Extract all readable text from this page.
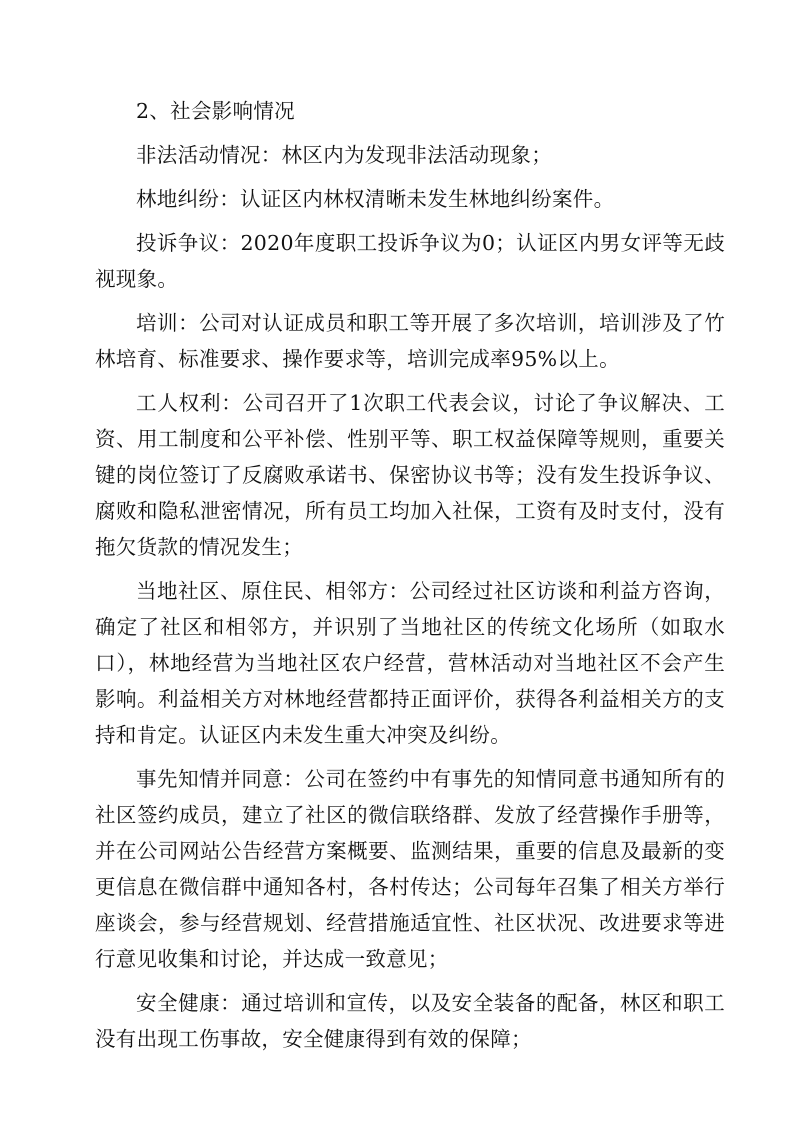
2、社会影响情况

非法活动情况：林区内为发现非法活动现象；

林地纠纷：认证区内林权清晰未发生林地纠纷案件。

投诉争议：2020年度职工投诉争议为0；认证区内男女评等无歧视现象。

培训：公司对认证成员和职工等开展了多次培训，培训涉及了竹林培育、标准要求、操作要求等，培训完成率95%以上。

工人权利：公司召开了1次职工代表会议，讨论了争议解决、工资、用工制度和公平补偿、性别平等、职工权益保障等规则，重要关键的岗位签订了反腐败承诺书、保密协议书等；没有发生投诉争议、腐败和隐私泄密情况，所有员工均加入社保，工资有及时支付，没有拖欠货款的情况发生；

当地社区、原住民、相邻方：公司经过社区访谈和利益方咨询，确定了社区和相邻方，并识别了当地社区的传统文化场所（如取水口），林地经营为当地社区农户经营，营林活动对当地社区不会产生影响。利益相关方对林地经营都持正面评价，获得各利益相关方的支持和肯定。认证区内未发生重大冲突及纠纷。

事先知情并同意：公司在签约中有事先的知情同意书通知所有的社区签约成员，建立了社区的微信联络群、发放了经营操作手册等，并在公司网站公告经营方案概要、监测结果，重要的信息及最新的变更信息在微信群中通知各村，各村传达；公司每年召集了相关方举行座谈会，参与经营规划、经营措施适宜性、社区状况、改进要求等进行意见收集和讨论，并达成一致意见；

安全健康：通过培训和宣传，以及安全装备的配备，林区和职工没有出现工伤事故，安全健康得到有效的保障；
